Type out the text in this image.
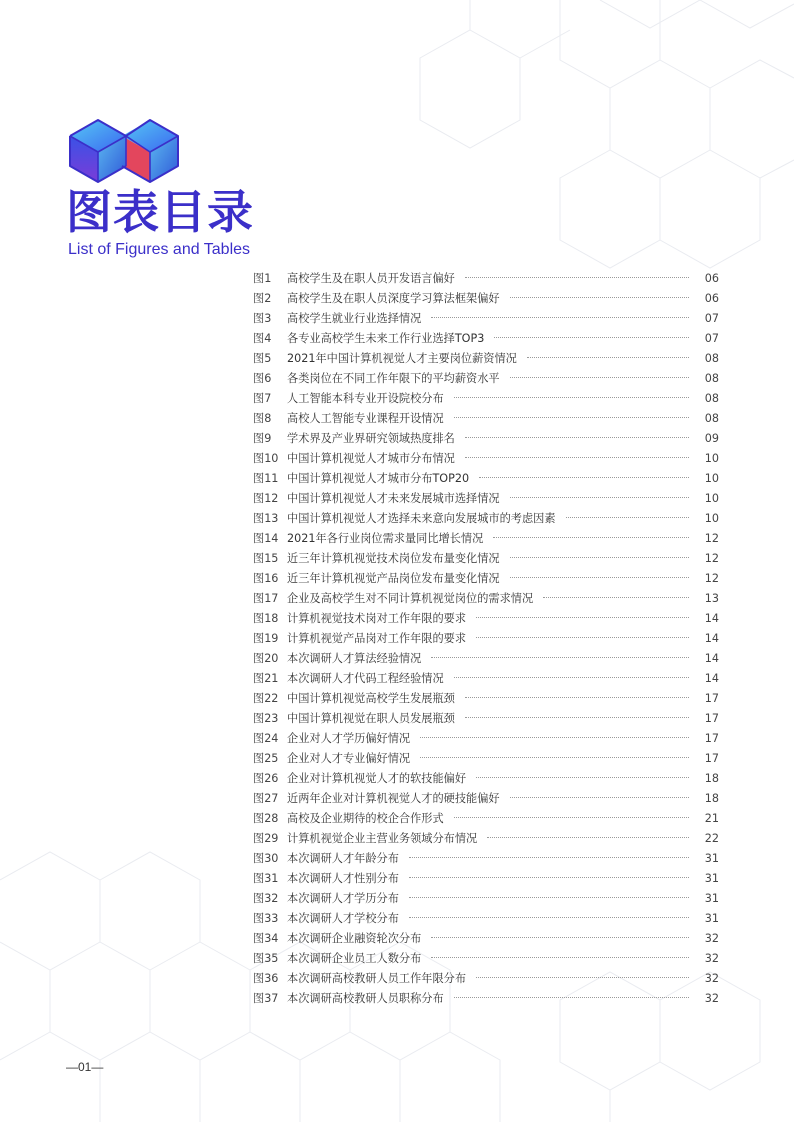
图表目录
List of Figures and Tables
图1	高校学生及在职人员开发语言偏好	06
图2	高校学生及在职人员深度学习算法框架偏好	06
图3	高校学生就业行业选择情况	07
图4	各专业高校学生未来工作行业选择TOP3	07
图5	2021年中国计算机视觉人才主要岗位薪资情况	08
图6	各类岗位在不同工作年限下的平均薪资水平	08
图7	人工智能本科专业开设院校分布	08
图8	高校人工智能专业课程开设情况	08
图9	学术界及产业界研究领域热度排名	09
图10 中国计算机视觉人才城市分布情况	10
图11 中国计算机视觉人才城市分布TOP20	10
图12 中国计算机视觉人才未来发展城市选择情况	10
图13 中国计算机视觉人才选择未来意向发展城市的考虑因素	10
图14 2021年各行业岗位需求量同比增长情况	12
图15 近三年计算机视觉技术岗位发布量变化情况	12
图16 近三年计算机视觉产品岗位发布量变化情况	12
图17 企业及高校学生对不同计算机视觉岗位的需求情况	13
图18 计算机视觉技术岗对工作年限的要求	14
图19 计算机视觉产品岗对工作年限的要求	14
图20 本次调研人才算法经验情况	14
图21 本次调研人才代码工程经验情况	14
图22 中国计算机视觉高校学生发展瓶颈	17
图23 中国计算机视觉在职人员发展瓶颈	17
图24 企业对人才学历偏好情况	17
图25 企业对人才专业偏好情况	17
图26 企业对计算机视觉人才的软技能偏好	18
图27 近两年企业对计算机视觉人才的硬技能偏好	18
图28 高校及企业期待的校企合作形式	21
图29 计算机视觉企业主营业务领域分布情况	22
图30 本次调研人才年龄分布	31
图31 本次调研人才性别分布	31
图32 本次调研人才学历分布	31
图33 本次调研人才学校分布	31
图34 本次调研企业融资轮次分布	32
图35 本次调研企业员工人数分布	32
图36 本次调研高校教研人员工作年限分布	32
图37 本次调研高校教研人员职称分布	32
—01—
